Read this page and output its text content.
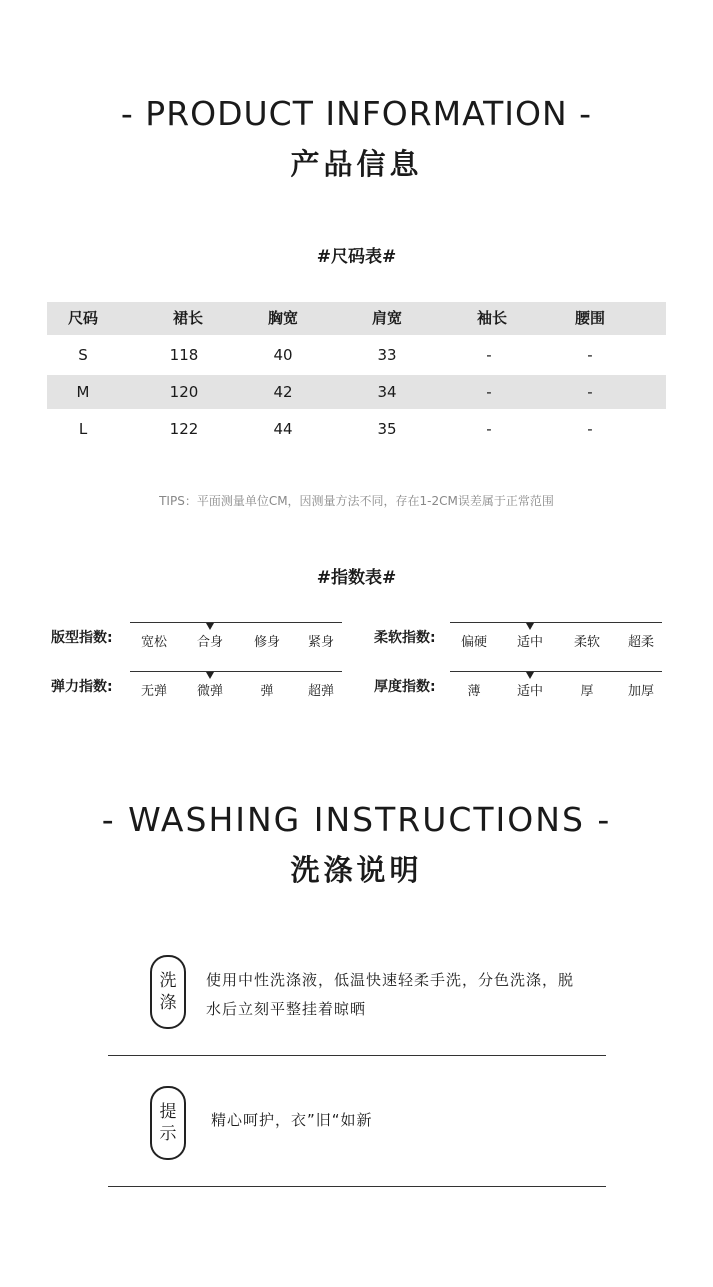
- PRODUCT INFORMATION -
产品信息
#尺码表#
尺码	裙长	胸宽	肩宽	袖长	腰围
S	118	40	33	-	-
M	120	42	34	-	-
L	122	44	35	-	-
TIPS：平面测量单位CM，因测量方法不同，存在1-2CM误差属于正常范围
#指数表#
版型指数:	宽松	合身	修身	紧身	柔软指数:	偏硬	适中	柔软	超柔
弹力指数:	无弹	微弹	弹	超弹	厚度指数:	薄	适中	厚	加厚
- WASHING INSTRUCTIONS -
洗涤说明
洗
涤
使用中性洗涤液，低温快速轻柔手洗，分色洗涤，脱
水后立刻平整挂着晾晒
提
示
精心呵护，衣”旧“如新
